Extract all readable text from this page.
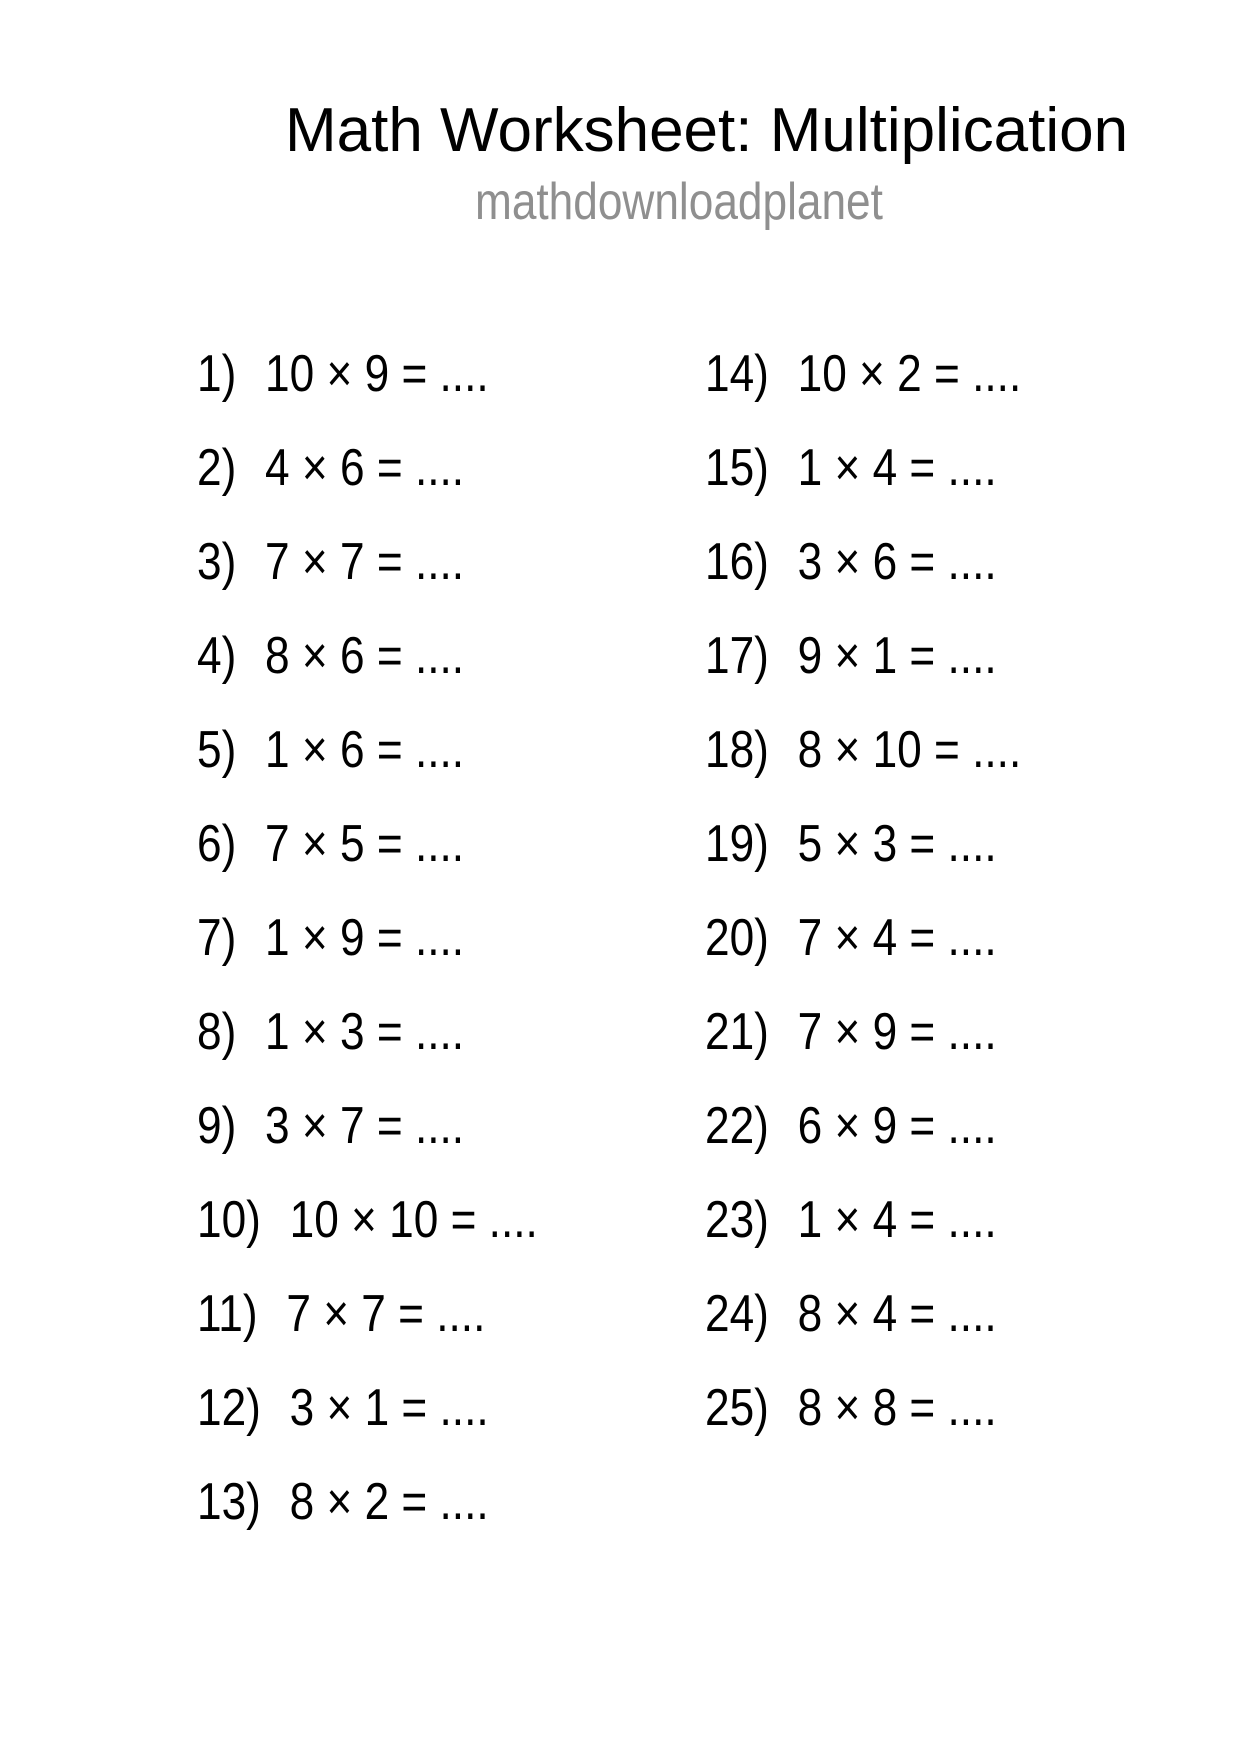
Math Worksheet: Multiplication
mathdownloadplanet
1) 10 × 9 = ....
2) 4 × 6 = ....
3) 7 × 7 = ....
4) 8 × 6 = ....
5) 1 × 6 = ....
6) 7 × 5 = ....
7) 1 × 9 = ....
8) 1 × 3 = ....
9) 3 × 7 = ....
10) 10 × 10 = ....
11) 7 × 7 = ....
12) 3 × 1 = ....
13) 8 × 2 = ....
14) 10 × 2 = ....
15) 1 × 4 = ....
16) 3 × 6 = ....
17) 9 × 1 = ....
18) 8 × 10 = ....
19) 5 × 3 = ....
20) 7 × 4 = ....
21) 7 × 9 = ....
22) 6 × 9 = ....
23) 1 × 4 = ....
24) 8 × 4 = ....
25) 8 × 8 = ....
